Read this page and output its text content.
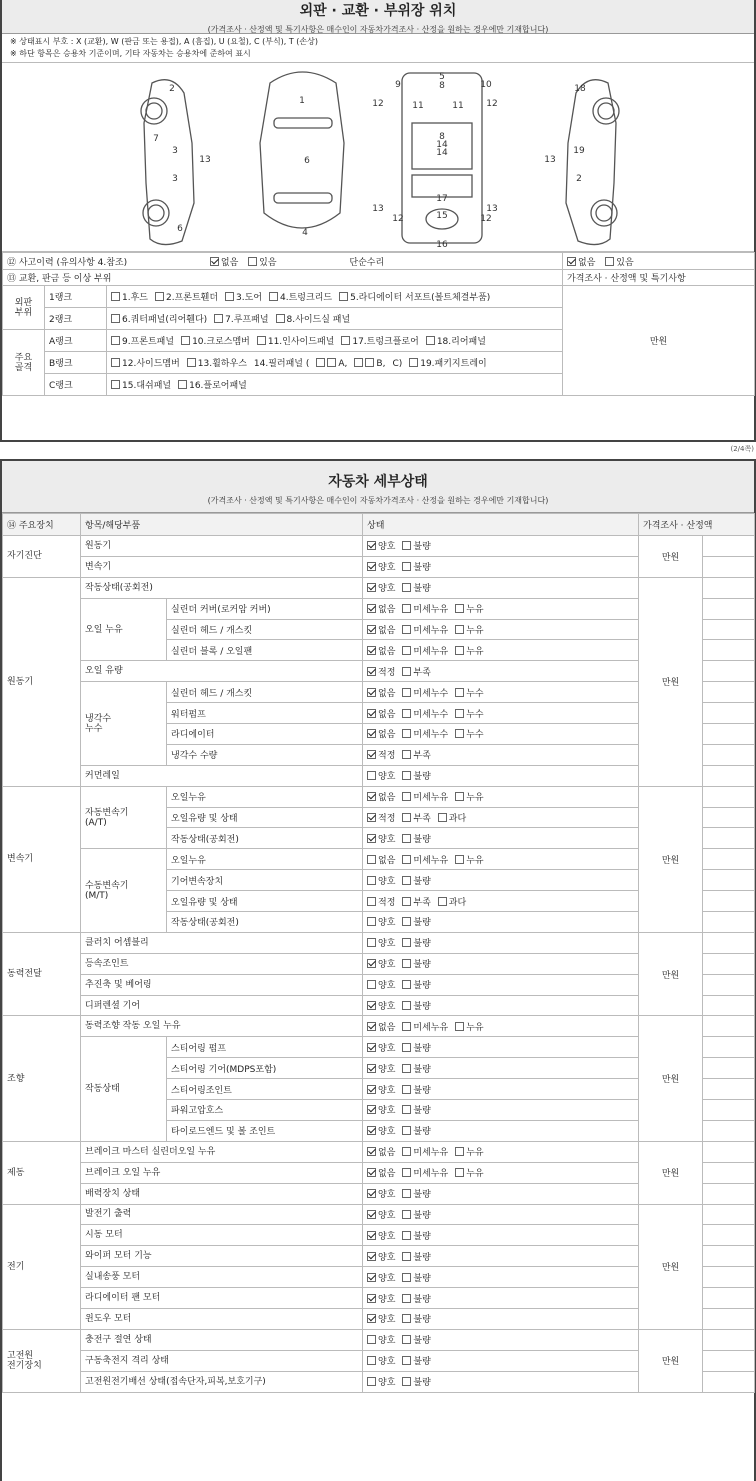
외판 · 교환 · 부위장 위치
(가격조사 · 산정액 및 특기사항은 매수인이 자동차가격조사 · 산정을 원하는 경우에만 기재합니다)
※ 상태표시 부호 : X (교환), W (판금 또는 용접), A (흠집), U (요철), C (부식), T (손상)
※ 하단 항목은 승용차 기준이며, 기타 자동차는 승용차에 준하여 표시
1
2
3
3
4
5
6
6
7
8
8
9	10
11	11
12	12
12	12
13	13
13	13
14
14
15
16
17
18
19
2
⑫ 사고이력 (유의사항 4.참조) 없음 있음 단순수리			없음 있음
⑬ 교환, 판금 등 이상 부위			가격조사 · 산정액 및 특기사항
외판
부위	1랭크	1.후드 2.프론트휀더 3.도어 4.트렁크리드 5.라디에이터 서포트(볼트체결부품)	만원
	2랭크	6.쿼터패널(리어휀다) 7.루프패널 8.사이드실 패널	
주요
골격	A랭크	9.프론트패널 10.크로스멤버 11.인사이드패널 17.트렁크플로어 18.리어패널	
	B랭크	12.사이드멤버 13.휠하우스 14.필러패널 ( A, B, C) 19.패키지트레이	
	C랭크	15.대쉬패널 16.플로어패널	
(2/4쪽)
자동차 세부상태
(가격조사 · 산정액 및 특기사항은 매수인이 자동차가격조사 · 산정을 원하는 경우에만 기재합니다)
⑭ 주요장치	항목/해당부품		상태	가격조사 · 산정액	
자기진단	원동기		양호 불량	만원	
	변속기		양호 불량		
원동기	작동상태(공회전)		양호 불량	만원	
	오일 누유	실린더 커버(로커암 커버)	없음 미세누유 누유		
		실린더 헤드 / 개스킷	없음 미세누유 누유		
		실린더 블록 / 오일팬	없음 미세누유 누유		
	오일 유량		적정 부족		
	냉각수
누수	실린더 헤드 / 개스킷	없음 미세누수 누수		
		워터펌프	없음 미세누수 누수		
		라디에이터	없음 미세누수 누수		
		냉각수 수량	적정 부족		
	커먼레일		양호 불량		
변속기	자동변속기
(A/T)	오일누유	없음 미세누유 누유	만원	
		오일유량 및 상태	적정 부족 과다		
		작동상태(공회전)	양호 불량		
	수동변속기
(M/T)	오일누유	없음 미세누유 누유		
		기어변속장치	양호 불량		
		오일유량 및 상태	적정 부족 과다		
		작동상태(공회전)	양호 불량		
동력전달	클러치 어셈블리		양호 불량	만원	
	등속조인트		양호 불량		
	추진축 및 베어링		양호 불량		
	디퍼렌셜 기어		양호 불량		
조향	동력조향 작동 오일 누유		없음 미세누유 누유	만원	
	작동상태	스티어링 펌프	양호 불량		
		스티어링 기어(MDPS포함)	양호 불량		
		스티어링조인트	양호 불량		
		파워고압호스	양호 불량		
		타이로드엔드 및 볼 조인트	양호 불량		
제동	브레이크 마스터 실린더오일 누유		없음 미세누유 누유	만원	
	브레이크 오일 누유		없음 미세누유 누유		
	배력장치 상태		양호 불량		
전기	발전기 출력		양호 불량	만원	
	시동 모터		양호 불량		
	와이퍼 모터 기능		양호 불량		
	실내송풍 모터		양호 불량		
	라디에이터 팬 모터		양호 불량		
	윈도우 모터		양호 불량		
고전원
전기장치	충전구 절연 상태		양호 불량	만원	
	구동축전지 격리 상태		양호 불량		
	고전원전기배선 상태(접속단자,피복,보호기구)		양호 불량		
